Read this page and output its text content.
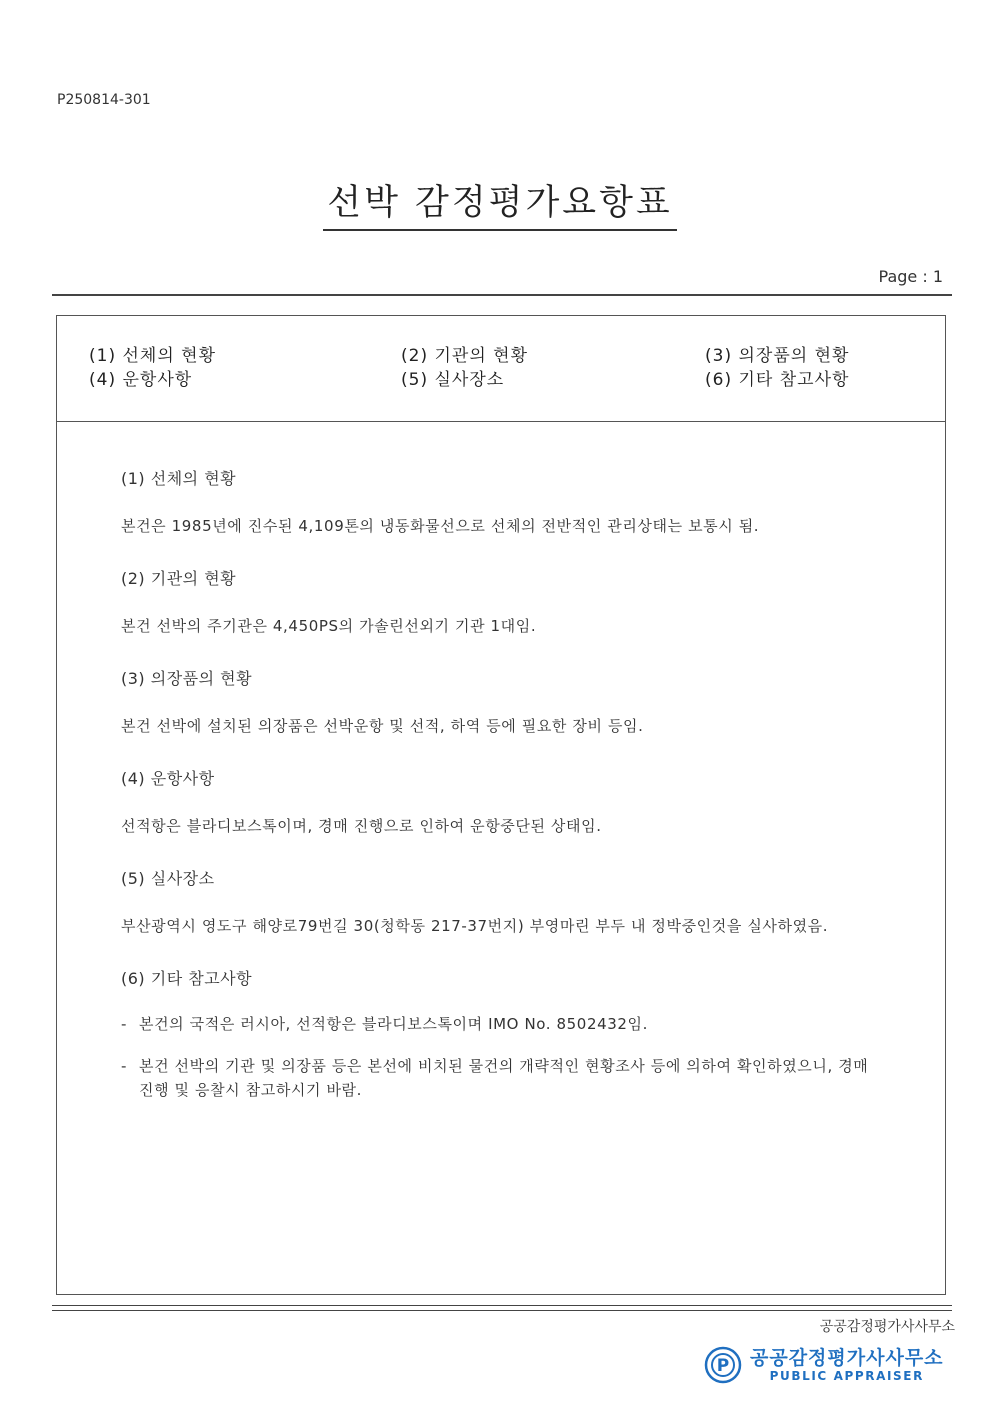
P250814-301
선박 감정평가요항표
Page : 1
(1) 선체의 현황	(2) 기관의 현황	(3) 의장품의 현황
(4) 운항사항	(5) 실사장소	(6) 기타 참고사항
(1) 선체의 현황
본건은 1985년에 진수된 4,109톤의 냉동화물선으로 선체의 전반적인 관리상태는 보통시 됨.
(2) 기관의 현황
본건 선박의 주기관은 4,450PS의 가솔린선외기 기관 1대임.
(3) 의장품의 현황
본건 선박에 설치된 의장품은 선박운항 및 선적, 하역 등에 필요한 장비 등임.
(4) 운항사항
선적항은 블라디보스톡이며, 경매 진행으로 인하여 운항중단된 상태임.
(5) 실사장소
부산광역시 영도구 해양로79번길 30(청학동 217-37번지) 부영마린 부두 내 정박중인것을 실사하였음.
(6) 기타 참고사항
- 본건의 국적은 러시아, 선적항은 블라디보스톡이며 IMO No. 8502432임.
- 본건 선박의 기관 및 의장품 등은 본선에 비치된 물건의 개략적인 현황조사 등에 의하여 확인하였으니, 경매 진행 및 응찰시 참고하시기 바람.
공공감정평가사사무소
P 공공감정평가사사무소
PUBLIC APPRAISER
